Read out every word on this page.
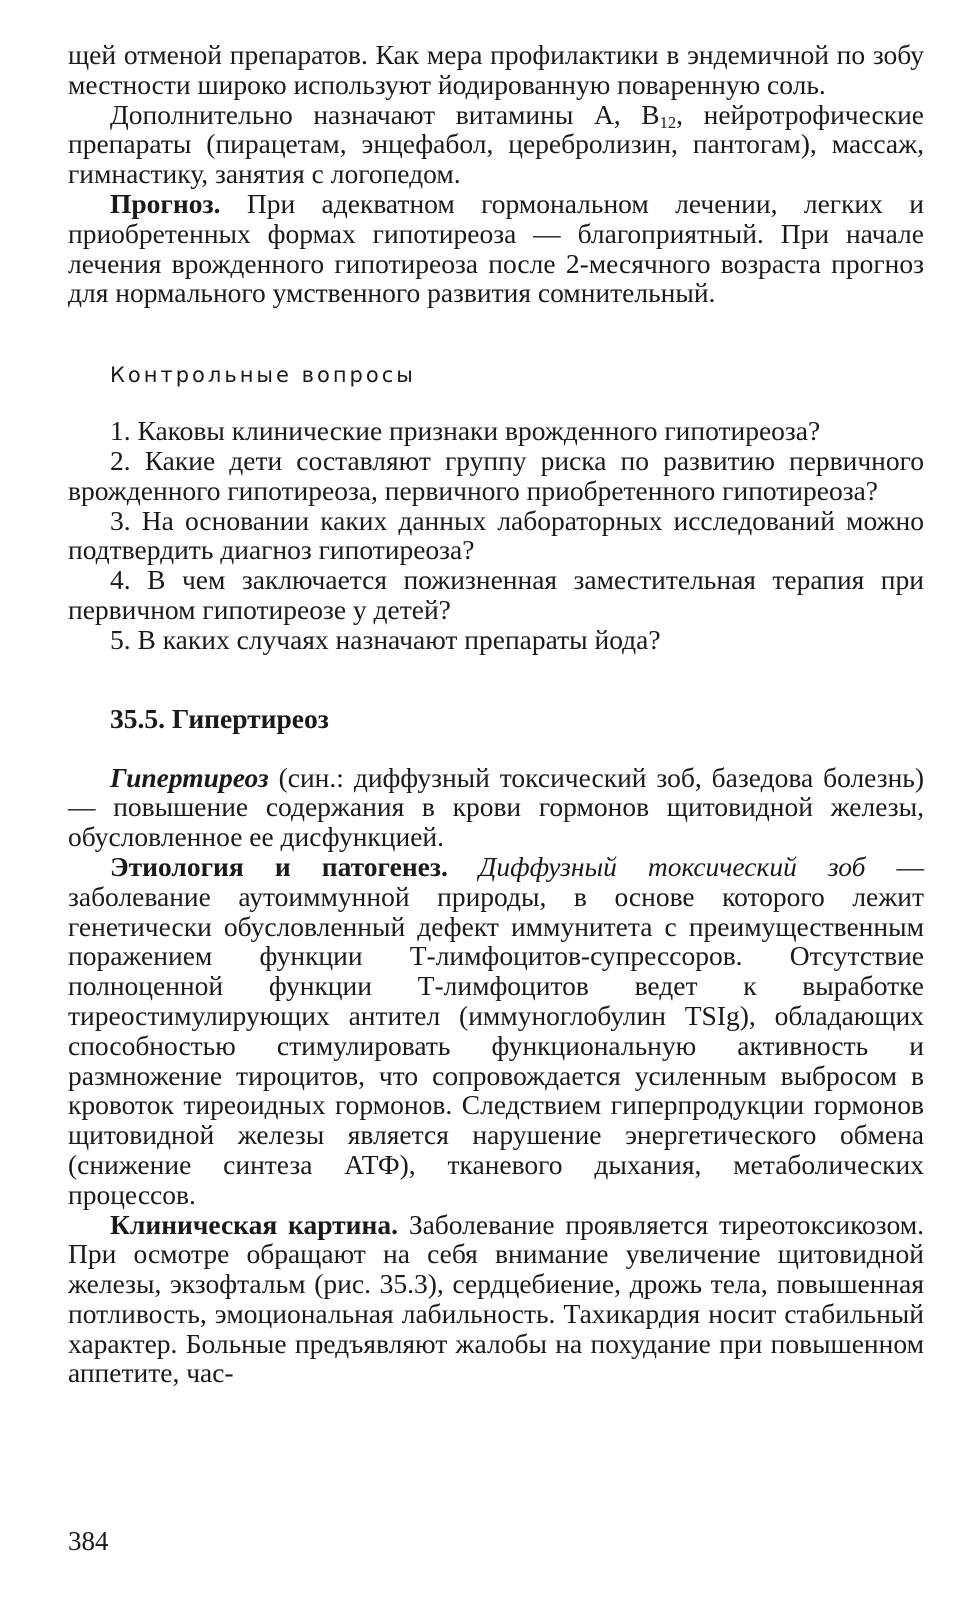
щей отменой препаратов. Как мера профилактики в эндемичной по зобу местности широко используют йодированную поваренную соль.

Дополнительно назначают витамины А, $В_{12}$, нейротрофические препараты (пирацетам, энцефабол, церебролизин, пантогам), массаж, гимнастику, занятия с логопедом.

Прогноз. При адекватном гормональном лечении, легких и приобретенных формах гипотиреоза — благоприятный. При начале лечения врожденного гипотиреоза после 2-месячного возраста прогноз для нормального умственного развития сомнительный.

Контрольные вопросы

1. Каковы клинические признаки врожденного гипотиреоза?

2. Какие дети составляют группу риска по развитию первичного врожденного гипотиреоза, первичного приобретенного гипотиреоза?

3. На основании каких данных лабораторных исследований можно подтвердить диагноз гипотиреоза?

4. В чем заключается пожизненная заместительная терапия при первичном гипотиреозе у детей?

5. В каких случаях назначают препараты йода?

35.5. Гипертиреоз

Гипертиреоз (син.: диффузный токсический зоб, базедова болезнь) — повышение содержания в крови гормонов щитовидной железы, обусловленное ее дисфункцией.

Этиология и патогенез. Диффузный токсический зоб — заболевание аутоиммунной природы, в основе которого лежит генетически обусловленный дефект иммунитета с преимущественным поражением функции Т-лимфоцитов-супрессоров. Отсутствие полноценной функции Т-лимфоцитов ведет к выработке тиреостимулирующих антител (иммуноглобулин TSIg), обладающих способностью стимулировать функциональную активность и размножение тироцитов, что сопровождается усиленным выбросом в кровоток тиреоидных гормонов. Следствием гиперпродукции гормонов щитовидной железы является нарушение энергетического обмена (снижение синтеза АТФ), тканевого дыхания, метаболических процессов.

Клиническая картина. Заболевание проявляется тиреотоксикозом. При осмотре обращают на себя внимание увеличение щитовидной железы, экзофтальм (рис. 35.3), сердцебиение, дрожь тела, повышенная потливость, эмоциональная лабильность. Тахикардия носит стабильный характер. Больные предъявляют жалобы на похудание при повышенном аппетите, час-

384
